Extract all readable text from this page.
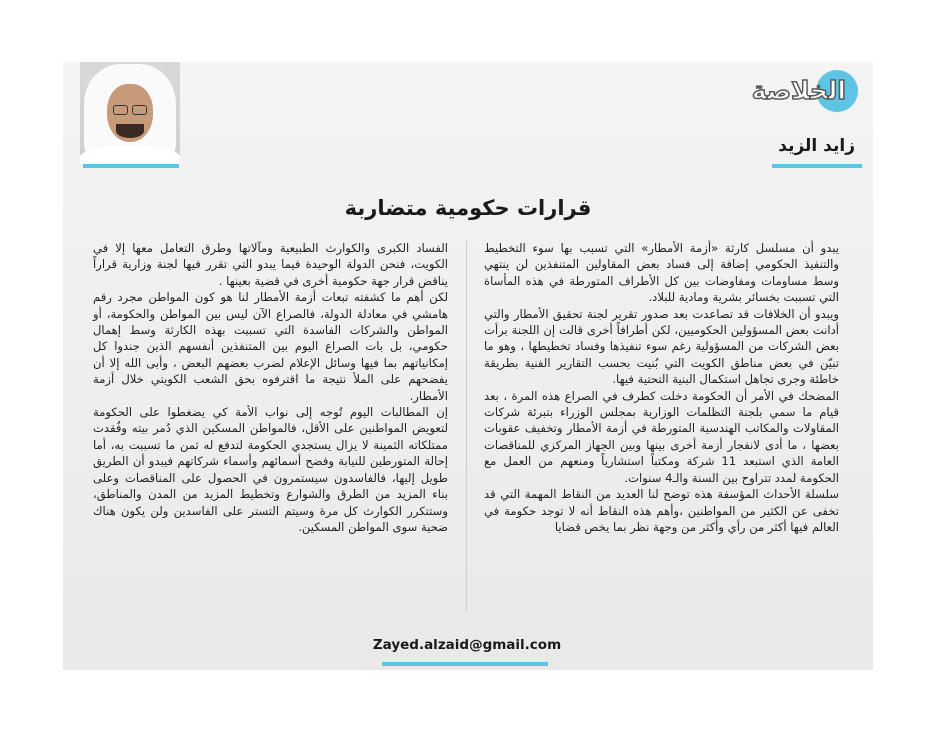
الخلاصة
زايد الزيد
قرارات حكومية متضاربة

يبدو أن مسلسل كارثة «أزمة الأمطار» التي تسبب بها سوء التخطيط والتنفيذ الحكومي إضافة إلى فساد بعض المقاولين المتنفذين لن ينتهي وسط مساومات ومفاوضات بين كل الأطراف المتورطة في هذه المأساة التي تسببت بخسائر بشرية ومادية للبلاد.

ويبدو أن الخلافات قد تصاعدت بعد صدور تقرير لجنة تحقيق الأمطار والتي أدانت بعض المسؤولين الحكوميين، لكن أطرافاً أخرى قالت إن اللجنة برأت بعض الشركات من المسؤولية رغم سوء تنفيذها وفساد تخطيطها ، وهو ما تبيّن في بعض مناطق الكويت التي بُنيت بحسب التقارير الفنية بطريقة خاطئة وجرى تجاهل استكمال البنية التحتية فيها.

المضحك في الأمر أن الحكومة دخلت كطرف في الصراع هذه المرة ، بعد قيام ما سمي بلجنة التظلمات الوزارية بمجلس الوزراء بتبرئة شركات المقاولات والمكاتب الهندسية المتورطة في أزمة الأمطار وتخفيف عقوبات بعضها ، ما أدى لانفجار أزمة أخرى بينها وبين الجهاز المركزي للمناقصات العامة الذي استبعد 11 شركة ومكتباً استشارياً ومنعهم من العمل مع الحكومة لمدد تتراوح بين السنة والـ4 سنوات.

سلسلة الأحداث المؤسفة هذه توضح لنا العديد من النقاط المهمة التي قد تخفى عن الكثير من المواطنين ،وأهم هذه النقاط أنه لا توجد حكومة في العالم فيها أكثر من رأي وأكثر من وجهة نظر بما يخص قضايا

الفساد الكبرى والكوارث الطبيعية ومآلاتها وطرق التعامل معها إلا في الكويت، فنحن الدولة الوحيدة فيما يبدو التي تقرر فيها لجنة وزارية قراراً يناقض قرار جهة حكومية أخرى في قضية بعينها .

لكن أهم ما كشفته تبعات أزمة الأمطار لنا هو كون المواطن مجرد رقم هامشي في معادلة الدولة، فالصراع الآن ليس بين المواطن والحكومة، أو المواطن والشركات الفاسدة التي تسببت بهذه الكارثة وسط إهمال حكومي، بل بات الصراع اليوم بين المتنفذين أنفسهم الذين جندوا كل إمكانياتهم بما فيها وسائل الإعلام لضرب بعضهم البعض ، وأبى الله إلا أن يفضحهم على الملأ نتيجة ما اقترفوه بحق الشعب الكويتي خلال أزمة الأمطار.

إن المطالبات اليوم تُوجه إلى نواب الأمة كي يضغطوا على الحكومة لتعويض المواطنين على الأقل، فالمواطن المسكين الذي دُمر بيته وفُقدت ممتلكاته الثمينة لا يزال يستجدي الحكومة لتدفع له ثمن ما تسببت به، أما إحالة المتورطين للنيابة وفضح أسمائهم وأسماء شركاتهم فيبدو أن الطريق طويل إليها، فالفاسدون سيستمرون في الحصول على المناقصات وعلى بناء المزيد من الطرق والشوارع وتخطيط المزيد من المدن والمناطق، وستتكرر الكوارث كل مرة وسيتم التستر على الفاسدين ولن يكون هناك ضحية سوى المواطن المسكين.

Zayed.alzaid@gmail.com
